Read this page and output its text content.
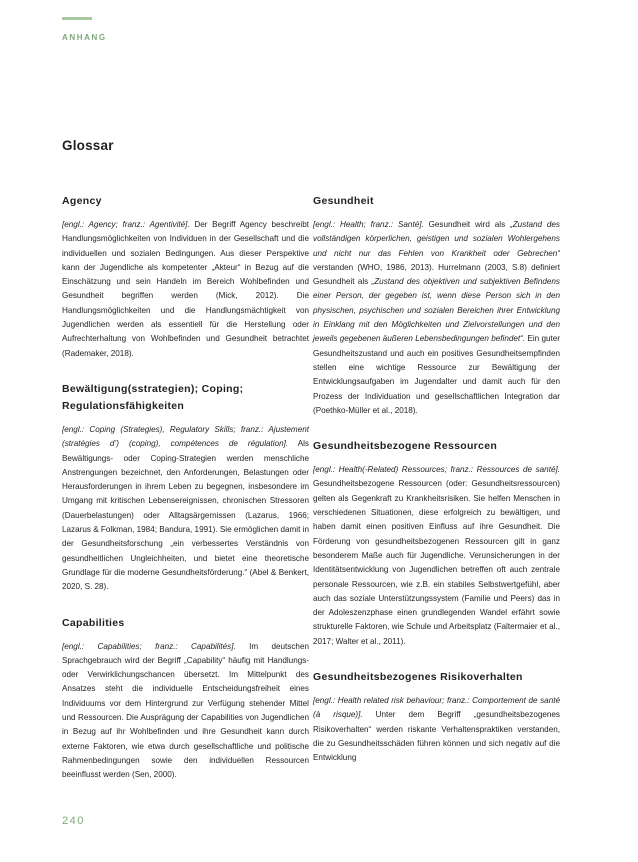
ANHANG
Glossar
Agency

[engl.: Agency; franz.: Agentivité]. Der Begriff Agency beschreibt Handlungsmöglichkeiten von Individuen in der Gesellschaft und die individuellen und sozialen Bedingungen. Aus dieser Perspektive kann der Jugendliche als kompetenter „Akteur“ in Bezug auf die Einschätzung und sein Handeln im Bereich Wohlbefinden und Gesundheit begriffen werden (Mick, 2012). Die Handlungsmöglichkeiten und die Handlungsmächtigkeit von Jugendlichen werden als essentiell für die Herstellung oder Aufrechterhaltung von Wohlbefinden und Gesundheit betrachtet (Rademaker, 2018).

Bewältigung(sstrategien); Coping; Regulationsfähigkeiten

[engl.: Coping (Strategies), Regulatory Skills; franz.: Ajustement (stratégies d’) (coping), compétences de régulation]. Als Bewältigungs- oder Coping-Strategien werden menschliche Anstrengungen bezeichnet, den Anforderungen, Belastungen oder Herausforderungen in ihrem Leben zu begegnen, insbesondere im Umgang mit kritischen Lebensereignissen, chronischen Stressoren (Dauerbelastungen) oder Alltagsärgernissen (Lazarus, 1966; Lazarus & Folkman, 1984; Bandura, 1991). Sie ermöglichen damit in der Gesundheitsforschung „ein verbessertes Verständnis von gesundheitlichen Ungleichheiten, und bietet eine theoretische Grundlage für die moderne Gesundheitsförderung.“ (Abel & Benkert, 2020, S. 28).

Capabilities

[engl.: Capabilities; franz.: Capabilités]. Im deutschen Sprachgebrauch wird der Begriff „Capability“ häufig mit Handlungs- oder Verwirklichungschancen übersetzt. Im Mittelpunkt des Ansatzes steht die individuelle Entscheidungsfreiheit eines Individuums vor dem Hintergrund zur Verfügung stehender Mittel und Ressourcen. Die Ausprägung der Capabilities von Jugendlichen in Bezug auf ihr Wohlbefinden und ihre Gesundheit kann durch externe Faktoren, wie etwa durch gesellschaftliche und politische Rahmenbedingungen sowie den individuellen Ressourcen beeinflusst werden (Sen, 2000).

Gesundheit

[engl.: Health; franz.: Santé]. Gesundheit wird als „Zustand des vollständigen körperlichen, geistigen und sozialen Wohlergehens und nicht nur das Fehlen von Krankheit oder Gebrechen“ verstanden (WHO, 1986, 2013). Hurrelmann (2003, S.8) definiert Gesundheit als „Zustand des objektiven und subjektiven Befindens einer Person, der gegeben ist, wenn diese Person sich in den physischen, psychischen und sozialen Bereichen ihrer Entwicklung in Einklang mit den Möglichkeiten und Zielvorstellungen und den jeweils gegebenen äußeren Lebensbedingungen befindet“. Ein guter Gesundheitszustand und auch ein positives Gesundheitsempfinden stellen eine wichtige Ressource zur Bewältigung der Entwicklungsaufgaben im Jugendalter und damit auch für den Prozess der Individuation und gesellschaftlichen Integration dar (Poethko-Müller et al., 2018).

Gesundheitsbezogene Ressourcen

[engl.: Health(-Related) Ressources; franz.: Ressources de santé]. Gesundheitsbezogene Ressourcen (oder: Gesundheitsressourcen) gelten als Gegenkraft zu Krankheitsrisiken. Sie helfen Menschen in verschiedenen Situationen, diese erfolgreich zu bewältigen, und haben damit einen positiven Einfluss auf ihre Gesundheit. Die Förderung von gesundheitsbezogenen Ressourcen gilt in ganz besonderem Maße auch für Jugendliche. Verunsicherungen in der Identitätsentwicklung von Jugendlichen betreffen oft auch zentrale personale Ressourcen, wie z.B. ein stabiles Selbstwertgefühl, aber auch das soziale Unterstützungssystem (Familie und Peers) das in der Adoleszenzphase einen grundlegenden Wandel erfährt sowie strukturelle Faktoren, wie Schule und Arbeitsplatz (Faltermaier et al., 2017; Walter et al., 2011).

Gesundheitsbezogenes Risikoverhalten

[engl.: Health related risk behaviour; franz.: Comportement de santé (à risque)]. Unter dem Begriff „gesundheitsbezogenes Risikoverhalten“ werden riskante Verhaltenspraktiken verstanden, die zu Gesundheitsschäden führen können und sich negativ auf die Entwicklung

240
